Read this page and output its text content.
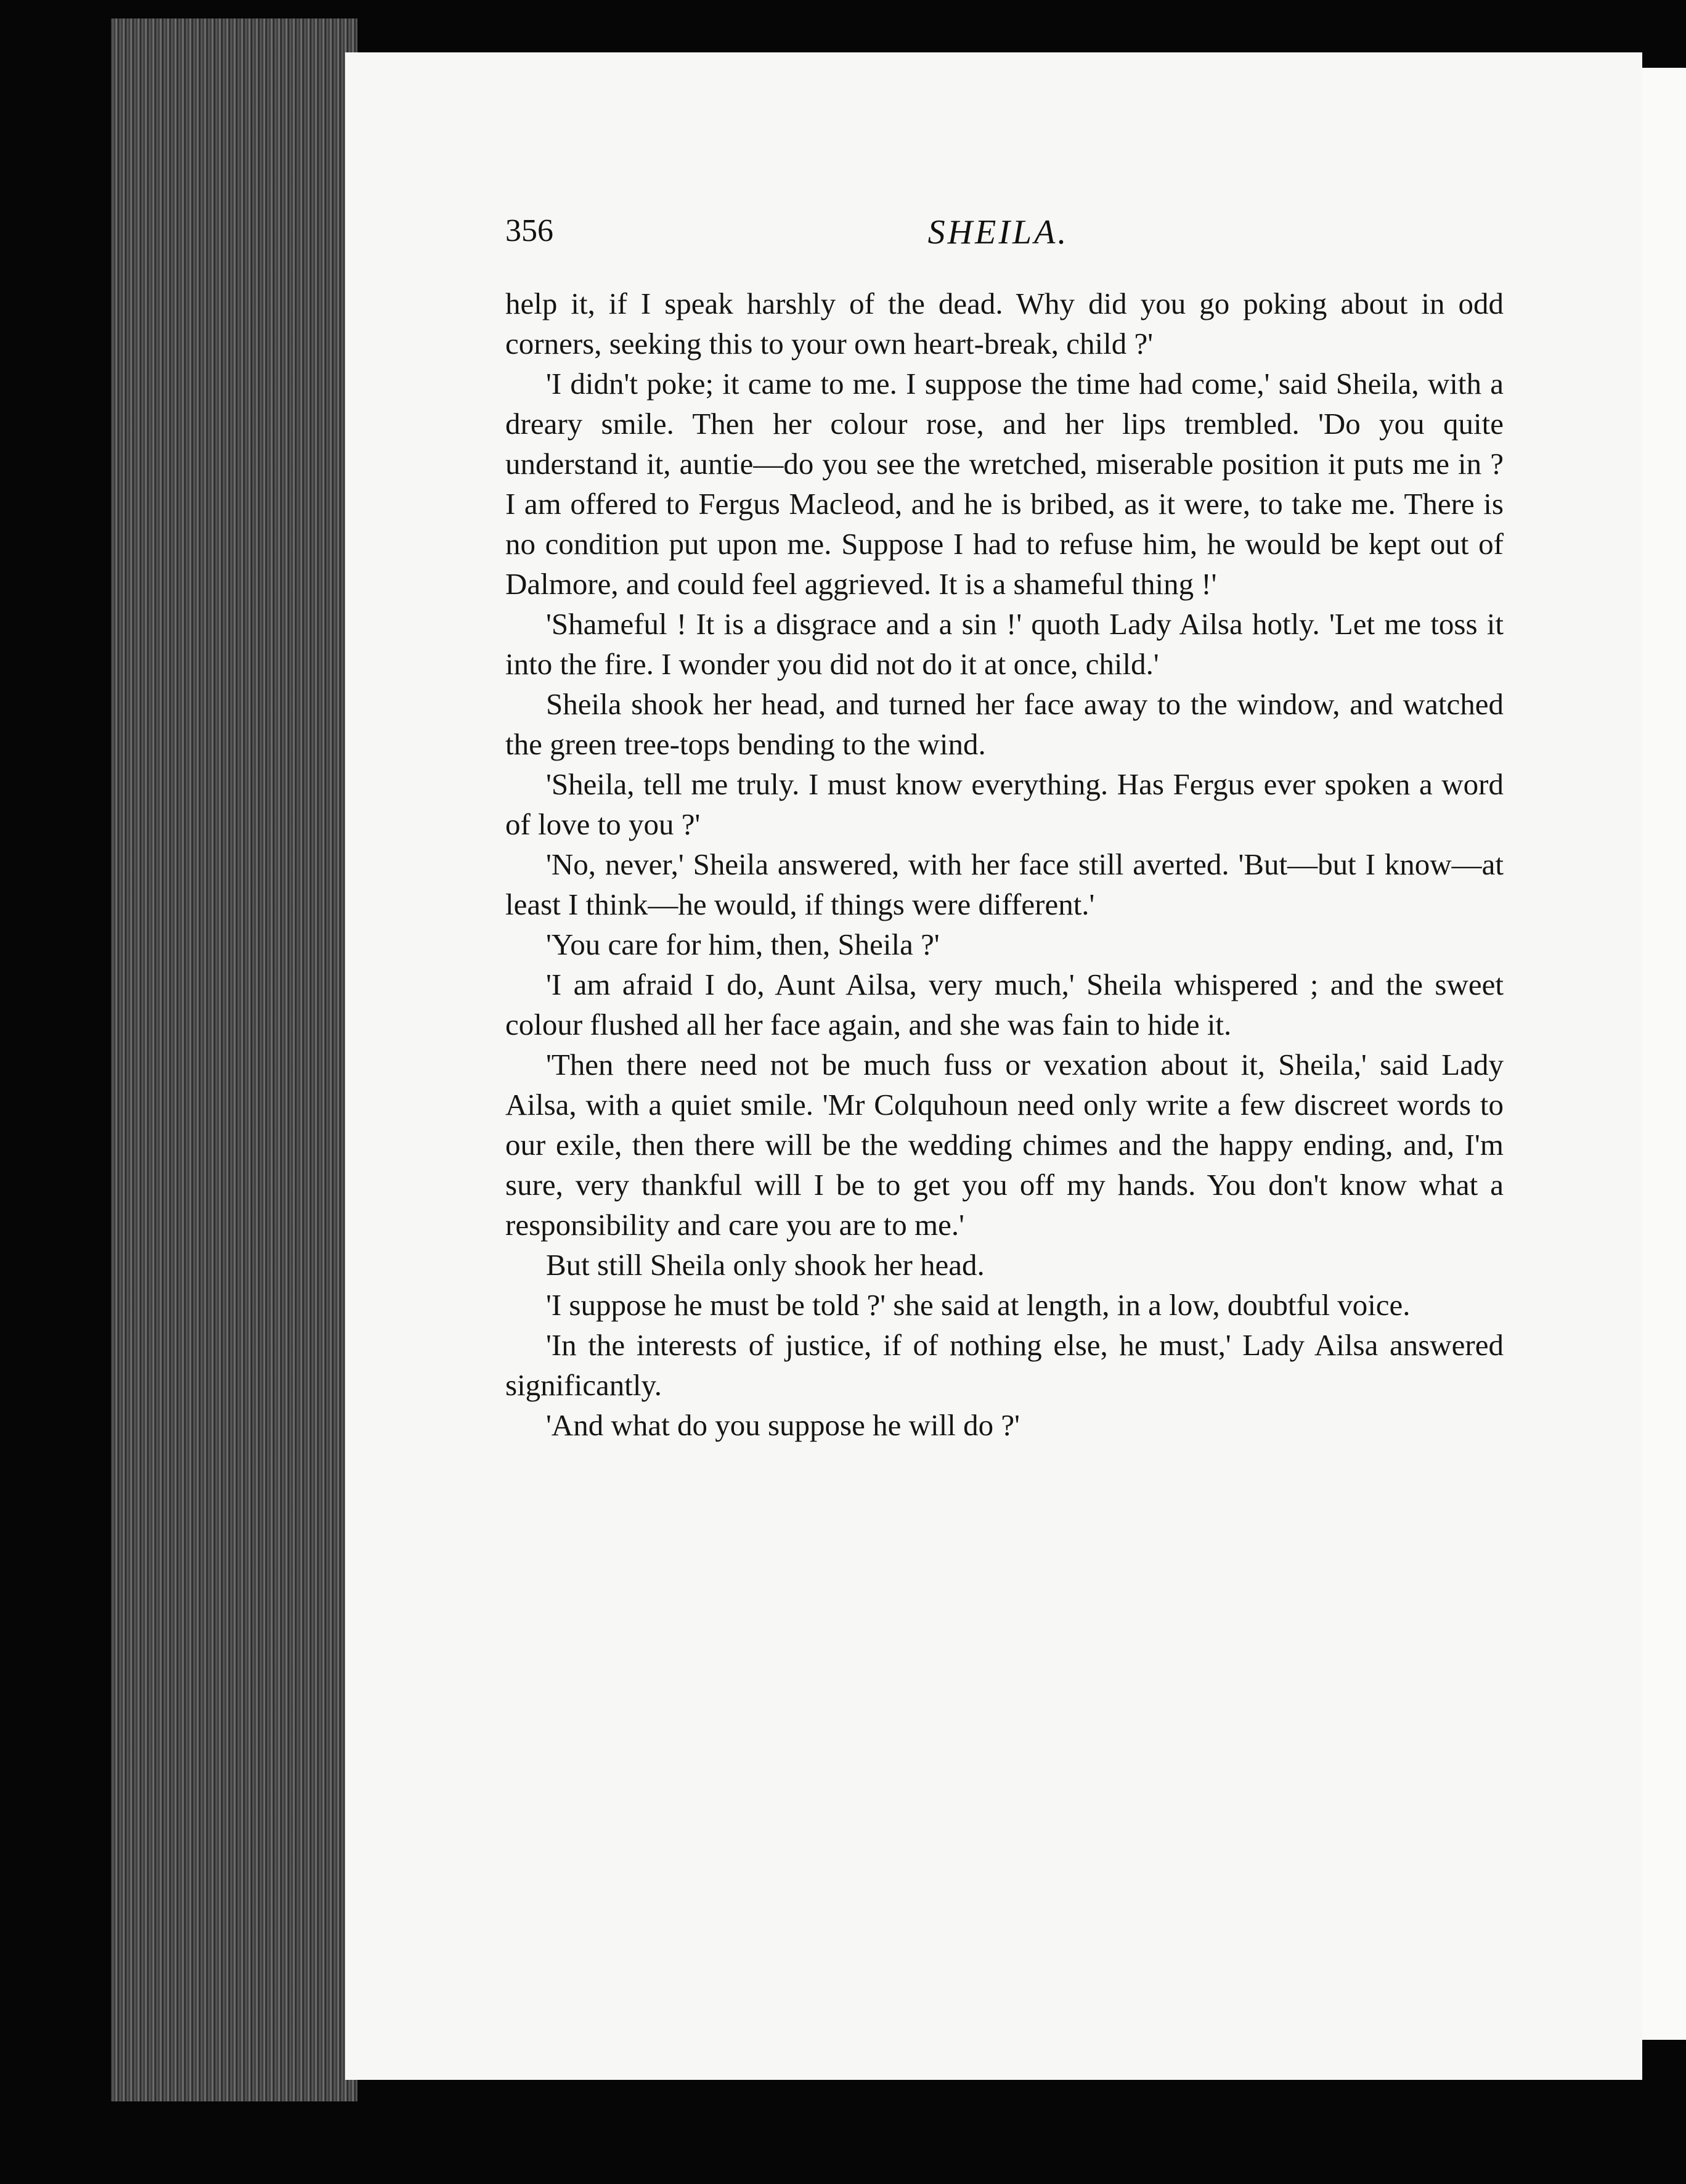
356	SHEILA.

help it, if I speak harshly of the dead. Why did you go poking about in odd corners, seeking this to your own heart-break, child ?'

'I didn't poke; it came to me. I suppose the time had come,' said Sheila, with a dreary smile. Then her colour rose, and her lips trembled. 'Do you quite understand it, auntie—do you see the wretched, miserable position it puts me in ? I am offered to Fergus Macleod, and he is bribed, as it were, to take me. There is no condition put upon me. Suppose I had to refuse him, he would be kept out of Dalmore, and could feel aggrieved. It is a shameful thing !'

'Shameful ! It is a disgrace and a sin !' quoth Lady Ailsa hotly. 'Let me toss it into the fire. I wonder you did not do it at once, child.'

Sheila shook her head, and turned her face away to the window, and watched the green tree-tops bending to the wind.

'Sheila, tell me truly. I must know everything. Has Fergus ever spoken a word of love to you ?'

'No, never,' Sheila answered, with her face still averted. 'But—but I know—at least I think—he would, if things were different.'

'You care for him, then, Sheila ?'

'I am afraid I do, Aunt Ailsa, very much,' Sheila whispered ; and the sweet colour flushed all her face again, and she was fain to hide it.

'Then there need not be much fuss or vexation about it, Sheila,' said Lady Ailsa, with a quiet smile. 'Mr Colquhoun need only write a few discreet words to our exile, then there will be the wedding chimes and the happy ending, and, I'm sure, very thankful will I be to get you off my hands. You don't know what a responsibility and care you are to me.'

But still Sheila only shook her head.

'I suppose he must be told ?' she said at length, in a low, doubtful voice.

'In the interests of justice, if of nothing else, he must,' Lady Ailsa answered significantly.

'And what do you suppose he will do ?'
